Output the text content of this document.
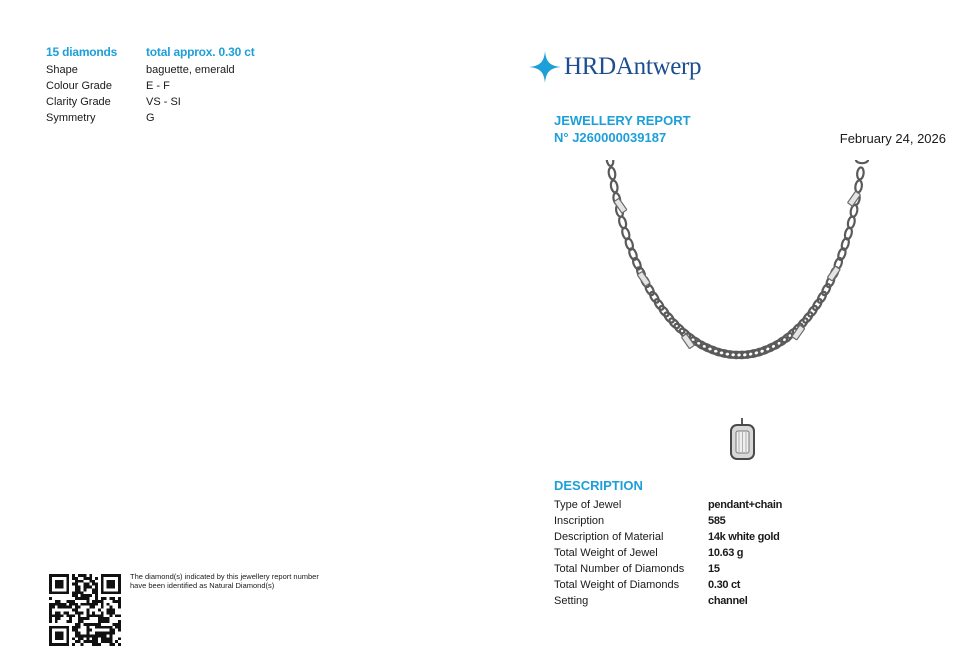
15 diamonds total approx. 0.30 ct
Shape	baguette, emerald
Colour Grade	E - F
Clarity Grade	VS - SI
Symmetry	G
HRDAntwerp
JEWELLERY REPORT
N° J260000039187	February 24, 2026
DESCRIPTION
Type of Jewel	pendant+chain
Inscription	585
Description of Material	14k white gold
Total Weight of Jewel	10.63 g
Total Number of Diamonds 15
Total Weight of Diamonds	0.30 ct
Setting	channel
The diamond(s) indicated by this jewellery report number have been identified as Natural Diamond(s)
